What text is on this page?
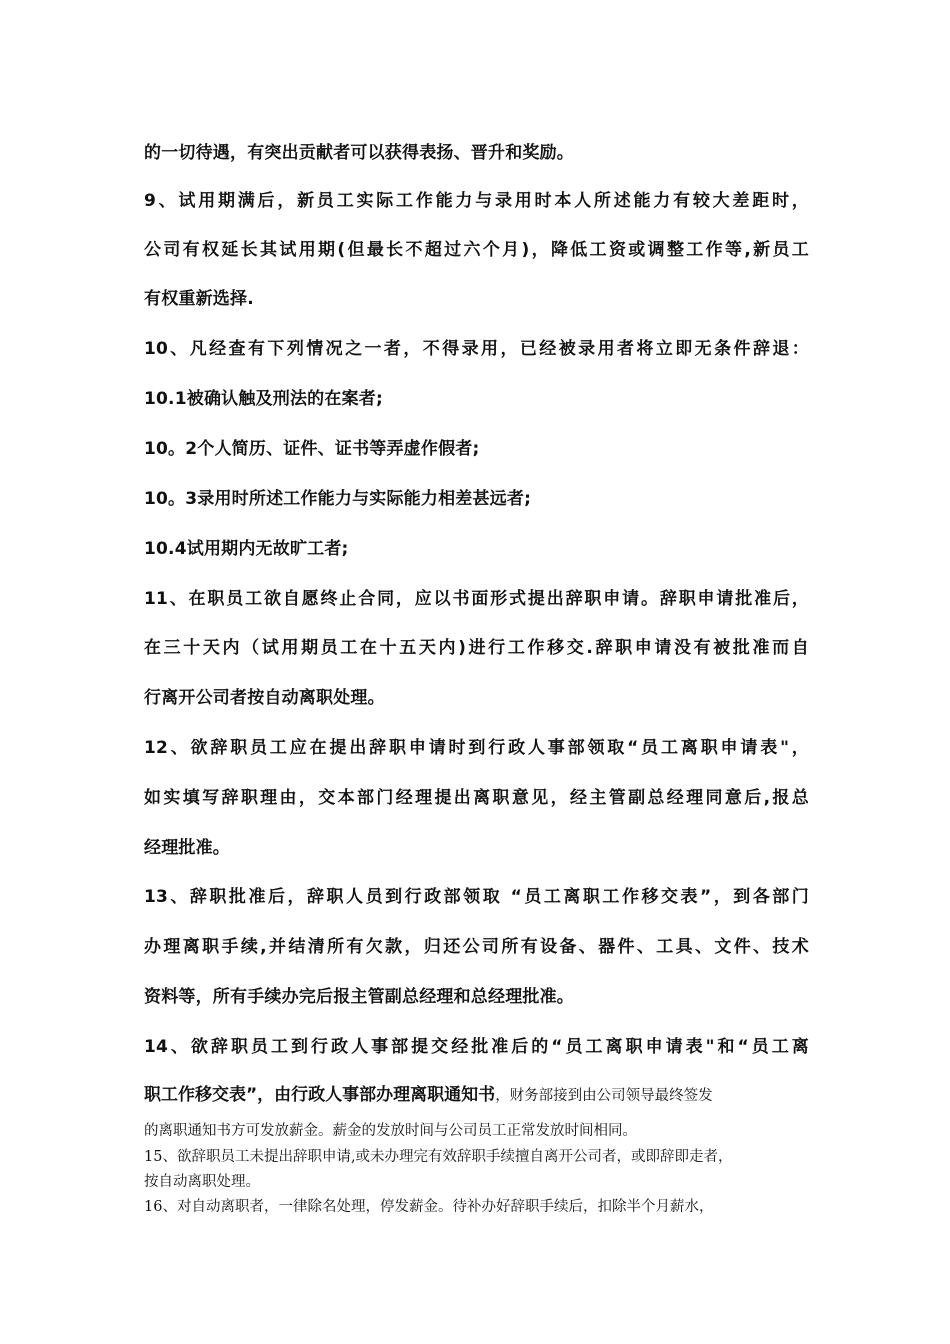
的一切待遇，有突出贡献者可以获得表扬、晋升和奖励。
9、试用期满后，新员工实际工作能力与录用时本人所述能力有较大差距时，
公司有权延长其试用期(但最长不超过六个月)，降低工资或调整工作等,新员工
有权重新选择.
10、凡经查有下列情况之一者，不得录用，已经被录用者将立即无条件辞退：
10.1被确认触及刑法的在案者;
10。2个人简历、证件、证书等弄虚作假者;
10。3录用时所述工作能力与实际能力相差甚远者;
10.4试用期内无故旷工者;
11、在职员工欲自愿终止合同，应以书面形式提出辞职申请。辞职申请批准后，
在三十天内（试用期员工在十五天内)进行工作移交.辞职申请没有被批准而自
行离开公司者按自动离职处理。
12、欲辞职员工应在提出辞职申请时到行政人事部领取“员工离职申请表"，
如实填写辞职理由，交本部门经理提出离职意见，经主管副总经理同意后,报总
经理批准。
13、辞职批准后，辞职人员到行政部领取 “员工离职工作移交表”，到各部门
办理离职手续,并结清所有欠款，归还公司所有设备、器件、工具、文件、技术
资料等，所有手续办完后报主管副总经理和总经理批准。
14、欲辞职员工到行政人事部提交经批准后的“员工离职申请表"和“员工离
职工作移交表”，由行政人事部办理离职通知书，财务部接到由公司领导最终签发
的离职通知书方可发放薪金。薪金的发放时间与公司员工正常发放时间相同。
15、欲辞职员工未提出辞职申请,或未办理完有效辞职手续擅自离开公司者，或即辞即走者，
按自动离职处理。
16、对自动离职者，一律除名处理，停发薪金。待补办好辞职手续后，扣除半个月薪水，
